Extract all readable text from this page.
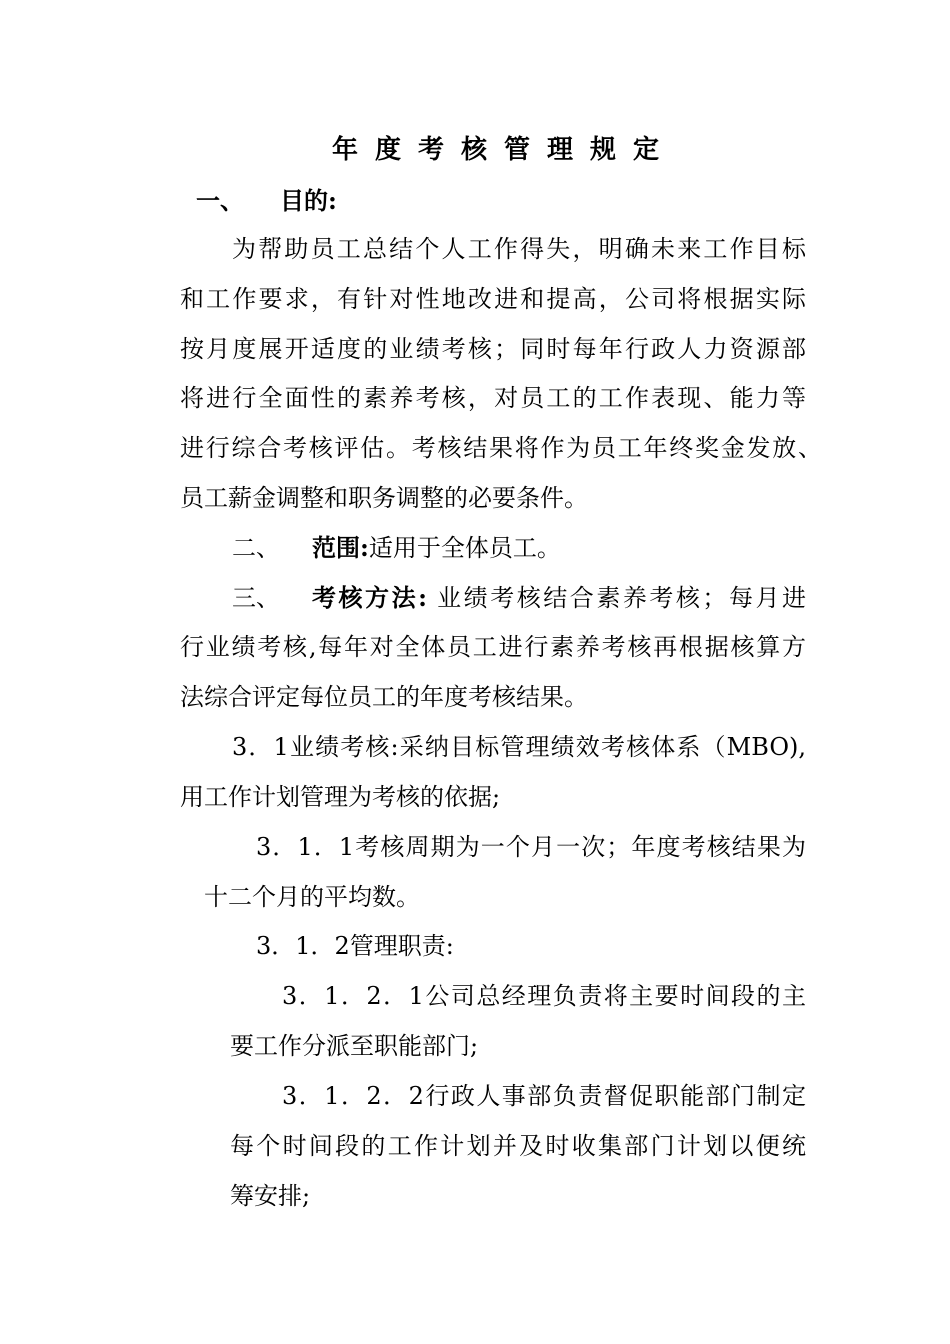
年度考核管理规定
一、 目的:
为帮助员工总结个人工作得失，明确未来工作目标
和工作要求，有针对性地改进和提高，公司将根据实际
按月度展开适度的业绩考核；同时每年行政人力资源部
将进行全面性的素养考核，对员工的工作表现、能力等
进行综合考核评估。考核结果将作为员工年终奖金发放、
员工薪金调整和职务调整的必要条件。
二、 范围:适用于全体员工。
三、 考核方法: 业绩考核结合素养考核；每月进
行业绩考核,每年对全体员工进行素养考核再根据核算方
法综合评定每位员工的年度考核结果。
3．1业绩考核:采纳目标管理绩效考核体系（MBO),
用工作计划管理为考核的依据;
3．1．1考核周期为一个月一次；年度考核结果为
十二个月的平均数。
3．1．2管理职责:
3．1．2．1公司总经理负责将主要时间段的主
要工作分派至职能部门;
3．1．2．2行政人事部负责督促职能部门制定
每个时间段的工作计划并及时收集部门计划以便统
筹安排;
